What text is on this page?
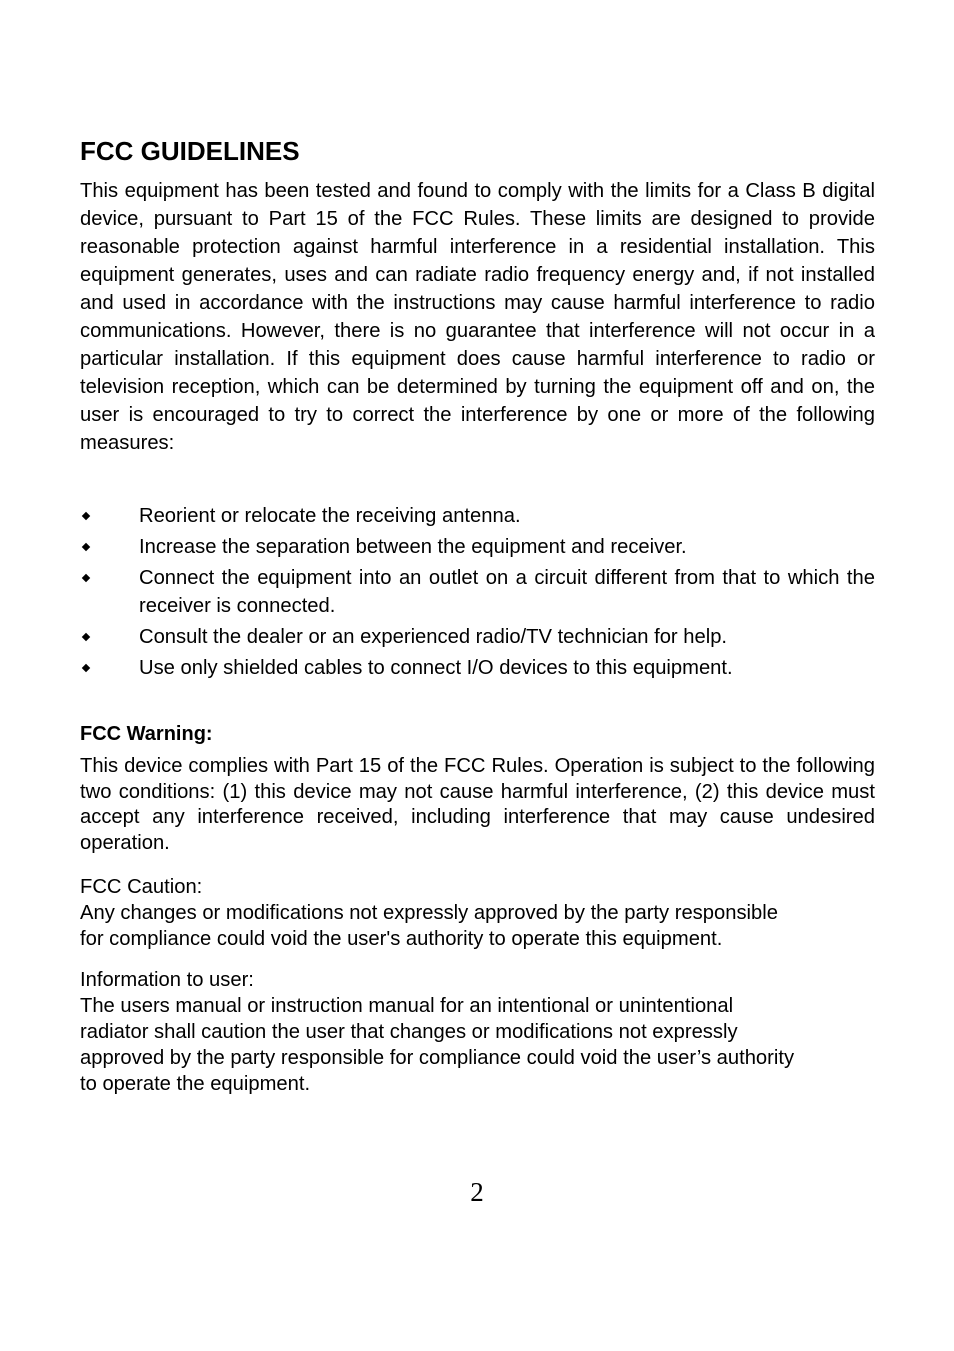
FCC GUIDELINES

This equipment has been tested and found to comply with the limits for a Class B digital device, pursuant to Part 15 of the FCC Rules. These limits are designed to provide reasonable protection against harmful interference in a residential installation. This equipment generates, uses and can radiate radio frequency energy and, if not installed and used in accordance with the instructions may cause harmful interference to radio communications. However, there is no guarantee that interference will not occur in a particular installation. If this equipment does cause harmful interference to radio or television reception, which can be determined by turning the equipment off and on, the user is encouraged to try to correct the interference by one or more of the following measures:

Reorient or relocate the receiving antenna.
Increase the separation between the equipment and receiver.
Connect the equipment into an outlet on a circuit different from that to which the receiver is connected.
Consult the dealer or an experienced radio/TV technician for help.
Use only shielded cables to connect I/O devices to this equipment.
FCC Warning:

This device complies with Part 15 of the FCC Rules. Operation is subject to the following two conditions: (1) this device may not cause harmful interference, (2) this device must accept any interference received, including interference that may cause undesired operation.

FCC Caution:
Any changes or modifications not expressly approved by the party responsible
for compliance could void the user's authority to operate this equipment.
Information to user:
The users manual or instruction manual for an intentional or unintentional
radiator shall caution the user that changes or modifications not expressly
approved by the party responsible for compliance could void the user’s authority
to operate the equipment.
2
